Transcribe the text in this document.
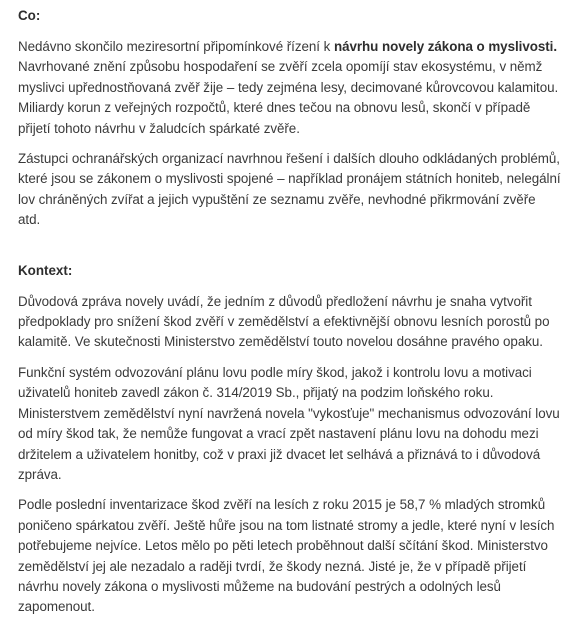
Co:

Nedávno skončilo meziresortní připomínkové řízení k návrhu novely zákona o myslivosti. Navrhované znění způsobu hospodaření se zvěří zcela opomíjí stav ekosystému, v němž myslivci upřednostňovaná zvěř žije – tedy zejména lesy, decimované kůrovcovou kalamitou. Miliardy korun z veřejných rozpočtů, které dnes tečou na obnovu lesů, skončí v případě přijetí tohoto návrhu v žaludcích spárkaté zvěře.

Zástupci ochranářských organizací navrhnou řešení i dalších dlouho odkládaných problémů, které jsou se zákonem o myslivosti spojené – například pronájem státních honiteb, nelegální lov chráněných zvířat a jejich vypuštění ze seznamu zvěře, nevhodné přikrmování zvěře atd.

Kontext:

Důvodová zpráva novely uvádí, že jedním z důvodů předložení návrhu je snaha vytvořit předpoklady pro snížení škod zvěří v zemědělství a efektivnější obnovu lesních porostů po kalamitě. Ve skutečnosti Ministerstvo zemědělství touto novelou dosáhne pravého opaku.

Funkční systém odvozování plánu lovu podle míry škod, jakož i kontrolu lovu a motivaci uživatelů honiteb zavedl zákon č. 314/2019 Sb., přijatý na podzim loňského roku. Ministerstvem zemědělství nyní navržená novela "vykosťuje" mechanismus odvozování lovu od míry škod tak, že nemůže fungovat a vrací zpět nastavení plánu lovu na dohodu mezi držitelem a uživatelem honitby, což v praxi již dvacet let selhává a přiznává to i důvodová zpráva.

Podle poslední inventarizace škod zvěří na lesích z roku 2015 je 58,7 % mladých stromků poničeno spárkatou zvěří. Ještě hůře jsou na tom listnaté stromy a jedle, které nyní v lesích potřebujeme nejvíce. Letos mělo po pěti letech proběhnout další sčítání škod. Ministerstvo zemědělství jej ale nezadalo a raději tvrdí, že škody nezná. Jisté je, že v případě přijetí návrhu novely zákona o myslivosti můžeme na budování pestrých a odolných lesů zapomenout.
